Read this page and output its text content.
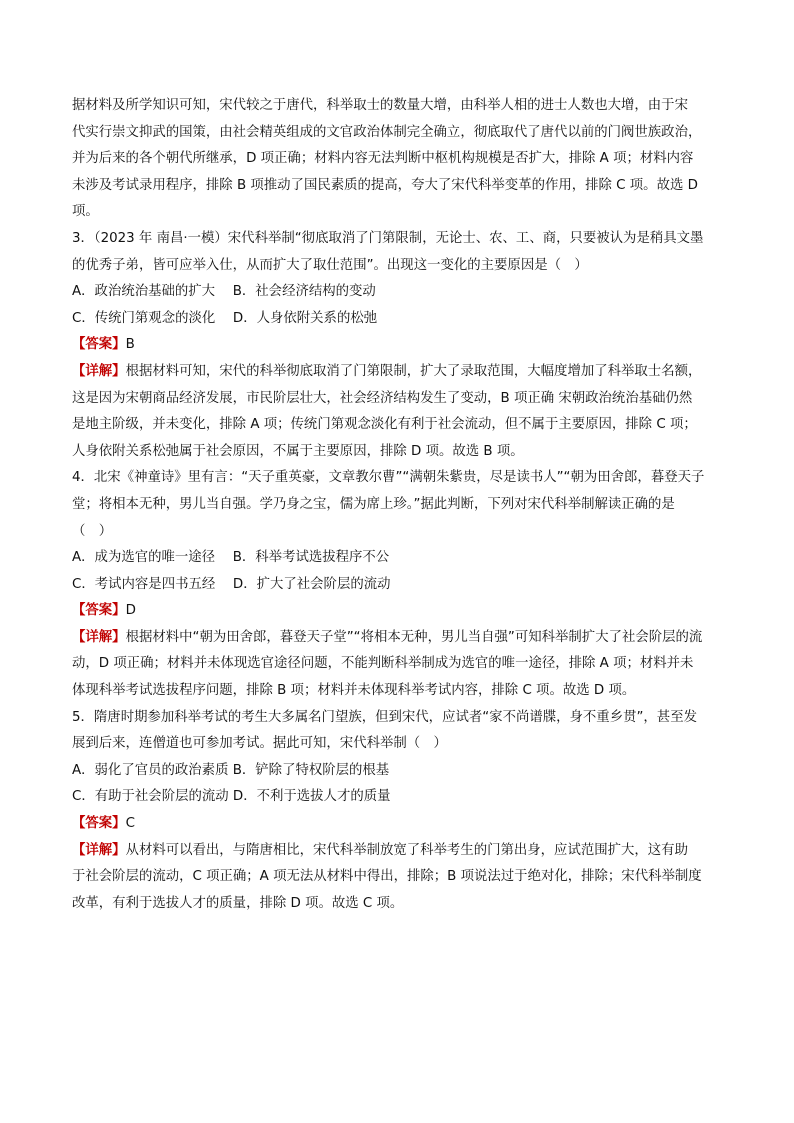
据材料及所学知识可知，宋代较之于唐代，科举取士的数量大增，由科举人相的进士人数也大增，由于宋
代实行崇文抑武的国策，由社会精英组成的文官政治体制完全确立，彻底取代了唐代以前的门阀世族政治，
并为后来的各个朝代所继承，D 项正确；材料内容无法判断中枢机构规模是否扩大，排除 A 项；材料内容
未涉及考试录用程序，排除 B 项推动了国民素质的提高，夸大了宋代科举变革的作用，排除 C 项。故选 D
项。
3．（2023 年 南昌·一模）宋代科举制“彻底取消了门第限制，无论士、农、工、商，只要被认为是稍具文墨
的优秀子弟，皆可应举入仕，从而扩大了取仕范围”。出现这一变化的主要原因是（　）
A．政治统治基础的扩大　 B．社会经济结构的变动
C．传统门第观念的淡化　 D．人身依附关系的松弛
【答案】B
【详解】根据材料可知，宋代的科举彻底取消了门第限制，扩大了录取范围，大幅度增加了科举取士名额，
这是因为宋朝商品经济发展，市民阶层壮大，社会经济结构发生了变动，B 项正确 宋朝政治统治基础仍然
是地主阶级，并未变化，排除 A 项；传统门第观念淡化有利于社会流动，但不属于主要原因，排除 C 项；
人身依附关系松弛属于社会原因，不属于主要原因，排除 D 项。故选 B 项。
4．北宋《神童诗》里有言：“天子重英豪，文章教尔曹”“满朝朱紫贵，尽是读书人”“朝为田舍郎，暮登天子
堂；将相本无种，男儿当自强。学乃身之宝，儒为席上珍。”据此判断，下列对宋代科举制解读正确的是
（　）
A．成为选官的唯一途径　 B．科举考试选拔程序不公
C．考试内容是四书五经　 D．扩大了社会阶层的流动
【答案】D
【详解】根据材料中“朝为田舍郎，暮登天子堂”“将相本无种，男儿当自强”可知科举制扩大了社会阶层的流
动，D 项正确；材料并未体现选官途径问题，不能判断科举制成为选官的唯一途径，排除 A 项；材料并未
体现科举考试选拔程序问题，排除 B 项；材料并未体现科举考试内容，排除 C 项。故选 D 项。
5．隋唐时期参加科举考试的考生大多属名门望族，但到宋代，应试者“家不尚谱牒，身不重乡贯”，甚至发
展到后来，连僧道也可参加考试。据此可知，宋代科举制（　）
A．弱化了官员的政治素质 B．铲除了特权阶层的根基
C．有助于社会阶层的流动 D．不利于选拔人才的质量
【答案】C
【详解】从材料可以看出，与隋唐相比，宋代科举制放宽了科举考生的门第出身，应试范围扩大，这有助
于社会阶层的流动，C 项正确；A 项无法从材料中得出，排除；B 项说法过于绝对化，排除；宋代科举制度
改革，有利于选拔人才的质量，排除 D 项。故选 C 项。
